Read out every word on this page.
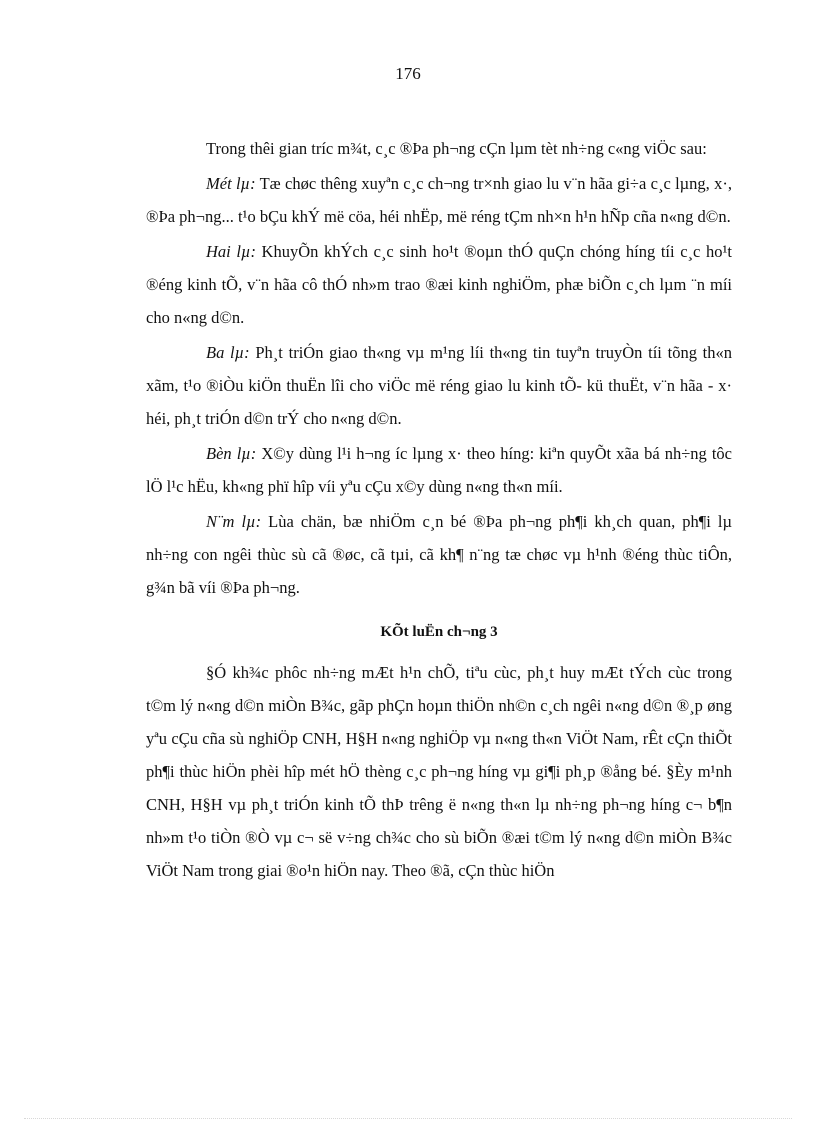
176

Trong thêi gian tríc m¾t, c¸c ®Þa ph¬ng cÇn lµm tèt nh÷ng c«ng viÖc sau:

Mét lµ: Tæ chøc thêng xuyªn c¸c ch¬ng tr×nh giao lu v¨n hãa gi÷a c¸c lµng, x·, ®Þa ph¬ng... t¹o bÇu khÝ më cöa, héi nhËp, më réng tÇm nh×n h¹n hÑp cña n«ng d©n.

Hai lµ: KhuyÕn khÝch c¸c sinh ho¹t ®oµn thÓ quÇn chóng híng tíi c¸c ho¹t ®éng kinh tÕ, v¨n hãa cô thÓ nh»m trao ®æi kinh nghiÖm, phæ biÕn c¸ch lµm ¨n míi cho n«ng d©n.

Ba lµ: Ph¸t triÓn giao th«ng vµ m¹ng líi th«ng tin tuyªn truyÒn tíi tõng th«n xãm, t¹o ®iÒu kiÖn thuËn lîi cho viÖc më réng giao lu kinh tÕ- kü thuËt, v¨n hãa - x· héi, ph¸t triÓn d©n trÝ cho n«ng d©n.

Bèn lµ: X©y dùng l¹i h¬ng íc lµng x· theo híng: kiªn quyÕt xãa bá nh÷ng tôc lÖ l¹c hËu, kh«ng phï hîp víi yªu cÇu x©y dùng n«ng th«n míi.

N¨m lµ: Lùa chän, bæ nhiÖm c¸n bé ®Þa ph¬ng ph¶i kh¸ch quan, ph¶i lµ nh÷ng con ngêi thùc sù cã ®øc, cã tµi, cã kh¶ n¨ng tæ chøc vµ h¹nh ®éng thùc tiÔn, g¾n bã víi ®Þa ph¬ng.

KÕt luËn ch¬ng 3

§Ó kh¾c phôc nh÷ng mÆt h¹n chÕ, tiªu cùc, ph¸t huy mÆt tÝch cùc trong t©m lý n«ng d©n miÒn B¾c, gãp phÇn hoµn thiÖn nh©n c¸ch ngêi n«ng d©n ®¸p øng yªu cÇu cña sù nghiÖp CNH, H§H n«ng nghiÖp vµ n«ng th«n ViÖt Nam, rÊt cÇn thiÕt ph¶i thùc hiÖn phèi hîp mét hÖ thèng c¸c ph¬ng híng vµ gi¶i ph¸p ®ång bé. §Èy m¹nh CNH, H§H vµ ph¸t triÓn kinh tÕ thÞ trêng ë n«ng th«n lµ nh÷ng ph¬ng híng c¬ b¶n nh»m t¹o tiÒn ®Ò vµ c¬ së v÷ng ch¾c cho sù biÕn ®æi t©m lý n«ng d©n miÒn B¾c ViÖt Nam trong giai ®o¹n hiÖn nay. Theo ®ã, cÇn thùc hiÖn
